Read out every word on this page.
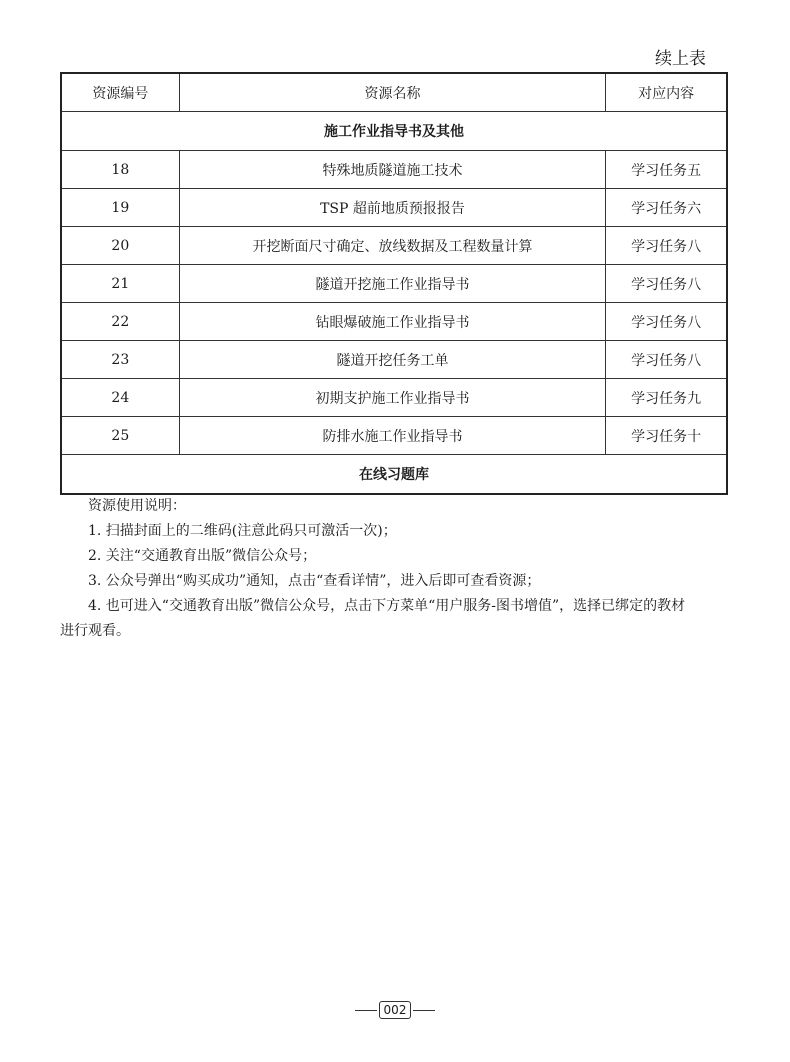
续上表
资源编号	资源名称	对应内容
施工作业指导书及其他		
18	特殊地质隧道施工技术	学习任务五
19	TSP 超前地质预报报告	学习任务六
20	开挖断面尺寸确定、放线数据及工程数量计算	学习任务八
21	隧道开挖施工作业指导书	学习任务八
22	钻眼爆破施工作业指导书	学习任务八
23	隧道开挖任务工单	学习任务八
24	初期支护施工作业指导书	学习任务九
25	防排水施工作业指导书	学习任务十
在线习题库		
资源使用说明：
1. 扫描封面上的二维码(注意此码只可激活一次)；
2. 关注“交通教育出版”微信公众号；
3. 公众号弹出“购买成功”通知，点击“查看详情”，进入后即可查看资源；
4. 也可进入“交通教育出版”微信公众号，点击下方菜单“用户服务-图书增值”，选择已绑定的教材
进行观看。
002
